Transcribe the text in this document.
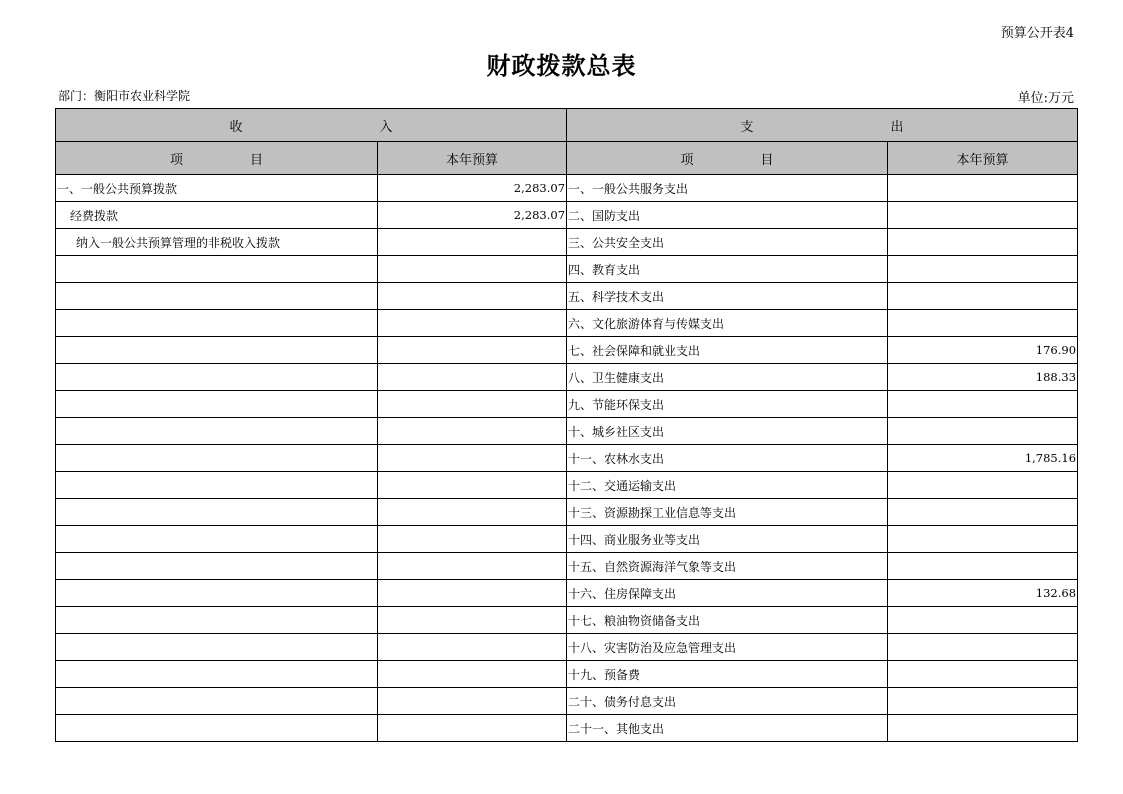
预算公开表4
财政拨款总表
部门：衡阳市农业科学院	单位:万元
收 入		支 出	
项 目	本年预算	项 目	本年预算
一、一般公共预算拨款	2,283.07	一、一般公共服务支出	
经费拨款	2,283.07	二、国防支出	
纳入一般公共预算管理的非税收入拨款		三、公共安全支出	
		四、教育支出	
		五、科学技术支出	
		六、文化旅游体育与传媒支出	
		七、社会保障和就业支出	176.90
		八、卫生健康支出	188.33
		九、节能环保支出	
		十、城乡社区支出	
		十一、农林水支出	1,785.16
		十二、交通运输支出	
		十三、资源勘探工业信息等支出	
		十四、商业服务业等支出	
		十五、自然资源海洋气象等支出	
		十六、住房保障支出	132.68
		十七、粮油物资储备支出	
		十八、灾害防治及应急管理支出	
		十九、预备费	
		二十、债务付息支出	
		二十一、其他支出	
